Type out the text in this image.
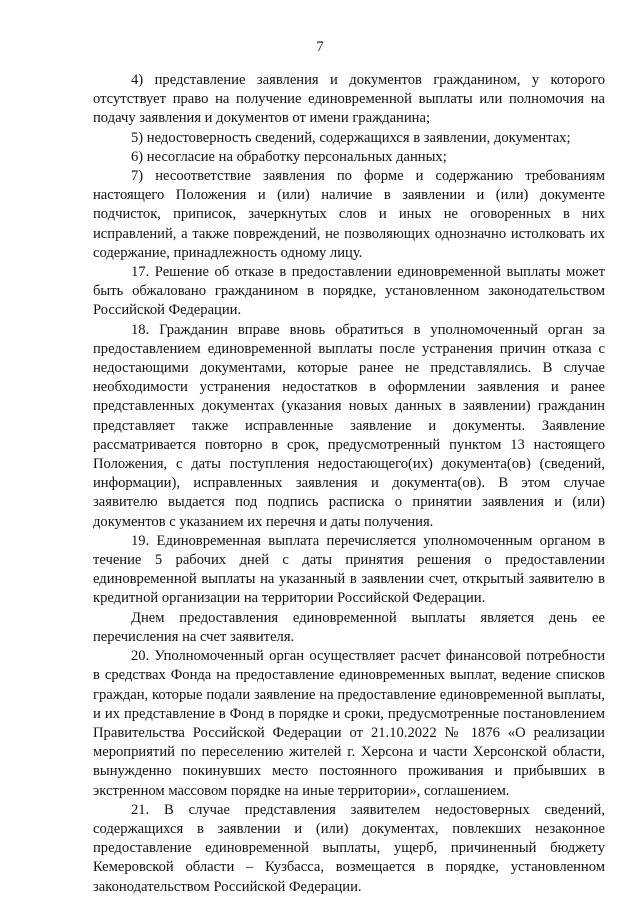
7

4) представление заявления и документов гражданином, у которого отсутствует право на получение единовременной выплаты или полномочия на подачу заявления и документов от имени гражданина;

5) недостоверность сведений, содержащихся в заявлении, документах;

6) несогласие на обработку персональных данных;

7) несоответствие заявления по форме и содержанию требованиям настоящего Положения и (или) наличие в заявлении и (или) документе подчисток, приписок, зачеркнутых слов и иных не оговоренных в них исправлений, а также повреждений, не позволяющих однозначно истолковать их содержание, принадлежность одному лицу.

17. Решение об отказе в предоставлении единовременной выплаты может быть обжаловано гражданином в порядке, установленном законодательством Российской Федерации.

18. Гражданин вправе вновь обратиться в уполномоченный орган за предоставлением единовременной выплаты после устранения причин отказа с недостающими документами, которые ранее не представлялись. В случае необходимости устранения недостатков в оформлении заявления и ранее представленных документах (указания новых данных в заявлении) гражданин представляет также исправленные заявление и документы. Заявление рассматривается повторно в срок, предусмотренный пунктом 13 настоящего Положения, с даты поступления недостающего(их) документа(ов) (сведений, информации), исправленных заявления и документа(ов). В этом случае заявителю выдается под подпись расписка о принятии заявления и (или) документов с указанием их перечня и даты получения.

19. Единовременная выплата перечисляется уполномоченным органом в течение 5 рабочих дней с даты принятия решения о предоставлении единовременной выплаты на указанный в заявлении счет, открытый заявителю в кредитной организации на территории Российской Федерации.

Днем предоставления единовременной выплаты является день ее перечисления на счет заявителя.

20. Уполномоченный орган осуществляет расчет финансовой потребности в средствах Фонда на предоставление единовременных выплат, ведение списков граждан, которые подали заявление на предоставление единовременной выплаты, и их представление в Фонд в порядке и сроки, предусмотренные постановлением Правительства Российской Федерации от 21.10.2022 № 1876 «О реализации мероприятий по переселению жителей г. Херсона и части Херсонской области, вынужденно покинувших место постоянного проживания и прибывших в экстренном массовом порядке на иные территории», соглашением.

21. В случае представления заявителем недостоверных сведений, содержащихся в заявлении и (или) документах, повлекших незаконное предоставление единовременной выплаты, ущерб, причиненный бюджету Кемеровской области – Кузбасса, возмещается в порядке, установленном законодательством Российской Федерации.
